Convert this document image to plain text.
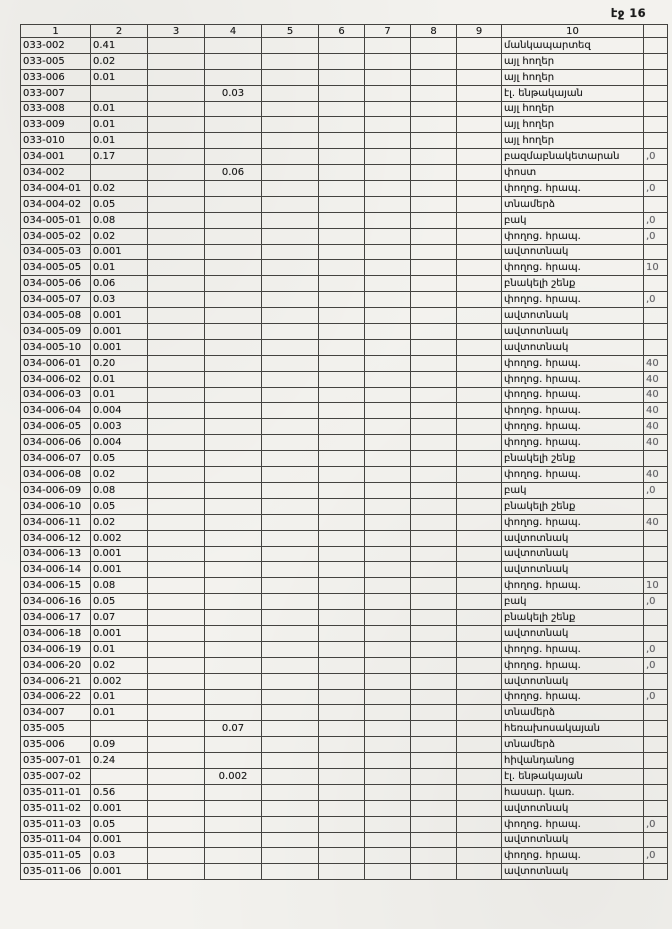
էջ 16
1	2	3	4	5	6	7	8	9	10	
033-002	0.41								մանկապարտեզ	
033-005	0.02								այլ հողեր	
033-006	0.01								այլ հողեր	
033-007			0.03						էլ. ենթակայան	
033-008	0.01								այլ հողեր	
033-009	0.01								այլ հողեր	
033-010	0.01								այլ հողեր	
034-001	0.17								բազմաբնակետարան	,0
034-002			0.06						փոստ	
034-004-01	0.02								փողոց. հրապ.	,0
034-004-02	0.05								տնամերձ	
034-005-01	0.08								բակ	,0
034-005-02	0.02								փողոց. հրապ.	,0
034-005-03	0.001								ավտոտնակ	
034-005-05	0.01								փողոց. հրապ.	10
034-005-06	0.06								բնակելի շենք	
034-005-07	0.03								փողոց. հրապ.	,0
034-005-08	0.001								ավտոտնակ	
034-005-09	0.001								ավտոտնակ	
034-005-10	0.001								ավտոտնակ	
034-006-01	0.20								փողոց. հրապ.	40
034-006-02	0.01								փողոց. հրապ.	40
034-006-03	0.01								փողոց. հրապ.	40
034-006-04	0.004								փողոց. հրապ.	40
034-006-05	0.003								փողոց. հրապ.	40
034-006-06	0.004								փողոց. հրապ.	40
034-006-07	0.05								բնակելի շենք	
034-006-08	0.02								փողոց. հրապ.	40
034-006-09	0.08								բակ	,0
034-006-10	0.05								բնակելի շենք	
034-006-11	0.02								փողոց. հրապ.	40
034-006-12	0.002								ավտոտնակ	
034-006-13	0.001								ավտոտնակ	
034-006-14	0.001								ավտոտնակ	
034-006-15	0.08								փողոց. հրապ.	10
034-006-16	0.05								բակ	,0
034-006-17	0.07								բնակելի շենք	
034-006-18	0.001								ավտոտնակ	
034-006-19	0.01								փողոց. հրապ.	,0
034-006-20	0.02								փողոց. հրապ.	,0
034-006-21	0.002								ավտոտնակ	
034-006-22	0.01								փողոց. հրապ.	,0
034-007	0.01								տնամերձ	
035-005			0.07						հեռախոսակայան	
035-006	0.09								տնամերձ	
035-007-01	0.24								հիվանդանոց	
035-007-02			0.002						էլ. ենթակայան	
035-011-01	0.56								հասար. կառ.	
035-011-02	0.001								ավտոտնակ	
035-011-03	0.05								փողոց. հրապ.	,0
035-011-04	0.001								ավտոտնակ	
035-011-05	0.03								փողոց. հրապ.	,0
035-011-06	0.001								ավտոտնակ	
